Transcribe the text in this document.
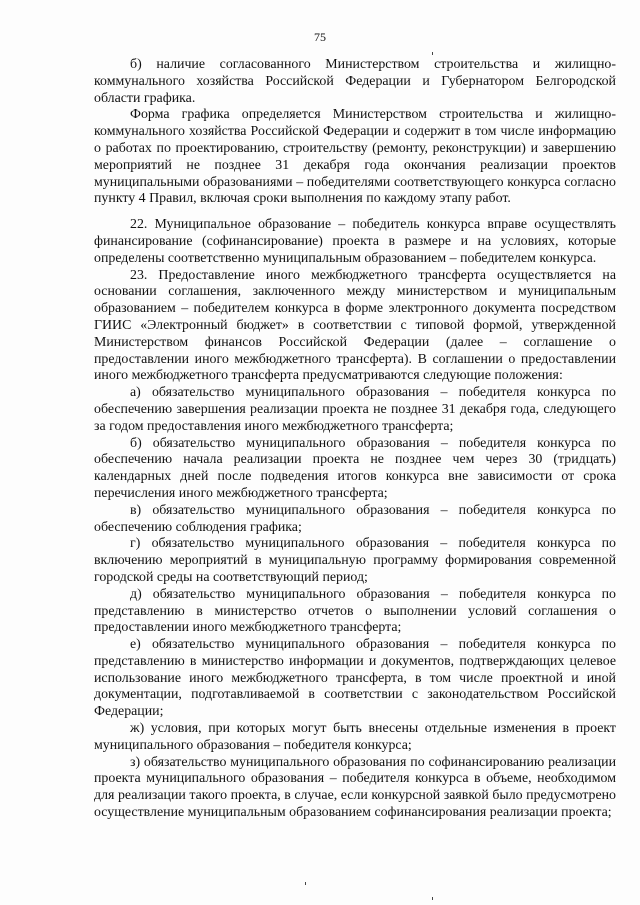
75

б) наличие согласованного Министерством строительства и жилищно-коммунального хозяйства Российской Федерации и Губернатором Белгородской области графика.

Форма графика определяется Министерством строительства и жилищно-коммунального хозяйства Российской Федерации и содержит в том числе информацию о работах по проектированию, строительству (ремонту, реконструкции) и завершению мероприятий не позднее 31 декабря года окончания реализации проектов муниципальными образованиями – победителями соответствующего конкурса согласно пункту 4 Правил, включая сроки выполнения по каждому этапу работ.

22. Муниципальное образование – победитель конкурса вправе осуществлять финансирование (софинансирование) проекта в размере и на условиях, которые определены соответственно муниципальным образованием – победителем конкурса.

23. Предоставление иного межбюджетного трансферта осуществляется на основании соглашения, заключенного между министерством и муниципальным образованием – победителем конкурса в форме электронного документа посредством ГИИС «Электронный бюджет» в соответствии с типовой формой, утвержденной Министерством финансов Российской Федерации (далее – соглашение о предоставлении иного межбюджетного трансферта). В соглашении о предоставлении иного межбюджетного трансферта предусматриваются следующие положения:

а) обязательство муниципального образования – победителя конкурса по обеспечению завершения реализации проекта не позднее 31 декабря года, следующего за годом предоставления иного межбюджетного трансферта;

б) обязательство муниципального образования – победителя конкурса по обеспечению начала реализации проекта не позднее чем через 30 (тридцать) календарных дней после подведения итогов конкурса вне зависимости от срока перечисления иного межбюджетного трансферта;

в) обязательство муниципального образования – победителя конкурса по обеспечению соблюдения графика;

г) обязательство муниципального образования – победителя конкурса по включению мероприятий в муниципальную программу формирования современной городской среды на соответствующий период;

д) обязательство муниципального образования – победителя конкурса по представлению в министерство отчетов о выполнении условий соглашения о предоставлении иного межбюджетного трансферта;

е) обязательство муниципального образования – победителя конкурса по представлению в министерство информации и документов, подтверждающих целевое использование иного межбюджетного трансферта, в том числе проектной и иной документации, подготавливаемой в соответствии с законодательством Российской Федерации;

ж) условия, при которых могут быть внесены отдельные изменения в проект муниципального образования – победителя конкурса;

з) обязательство муниципального образования по софинансированию реализации проекта муниципального образования – победителя конкурса в объеме, необходимом для реализации такого проекта, в случае, если конкурсной заявкой было предусмотрено осуществление муниципальным образованием софинансирования реализации проекта;
